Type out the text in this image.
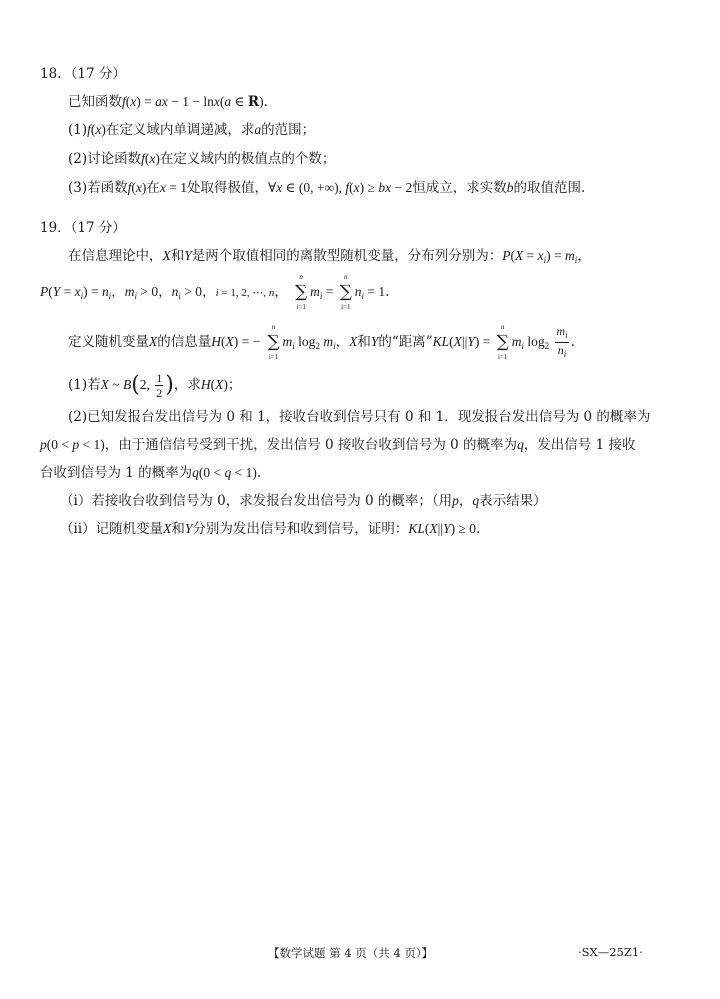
18．（17 分）
已知函数f(x) = ax − 1 − lnx(a ∈ R).
(1)f(x)在定义域内单调递减，求a的范围；
(2)讨论函数f(x)在定义域内的极值点的个数；
(3)若函数f(x)在x = 1处取得极值，∀x ∈ (0, +∞), f(x) ≥ bx − 2恒成立，求实数b的取值范围.
19．（17 分）
在信息理论中，X和Y是两个取值相同的离散型随机变量，分布列分别为：$P(X = x_i) = m_i$，
$P(Y = x_i) = n_i$，$m_i > 0$，$n_i > 0$，i = 1, 2, ⋯, n，
n
∑
i=1
$m_i$ =
n
∑
i=1
$n_i = 1$.
定义随机变量X的信息量H(X) = −
n
∑
i=1
$m_i$ $\log_2 m_i$，X和Y的“距离”KL(X||Y) =
n
∑
i=1
$m_i$ $\log_2 \frac{m_i}{n_i}$ .
(1)若X ~ B(2, $\frac{1}{2}$ )，求H(X)；
(2)已知发报台发出信号为 0 和 1，接收台收到信号只有 0 和 1．现发报台发出信号为 0 的概率为
p(0 < p < 1)，由于通信信号受到干扰，发出信号 0 接收台收到信号为 0 的概率为q，发出信号 1 接收
台收到信号为 1 的概率为q(0 < q < 1).
（ⅰ）若接收台收到信号为 0，求发报台发出信号为 0 的概率；（用p，q表示结果）
（ⅱ）记随机变量X和Y分别为发出信号和收到信号，证明：KL(X||Y) ≥ 0.
【数学试题 第 4 页（共 4 页）】	·SX—25Z1·
